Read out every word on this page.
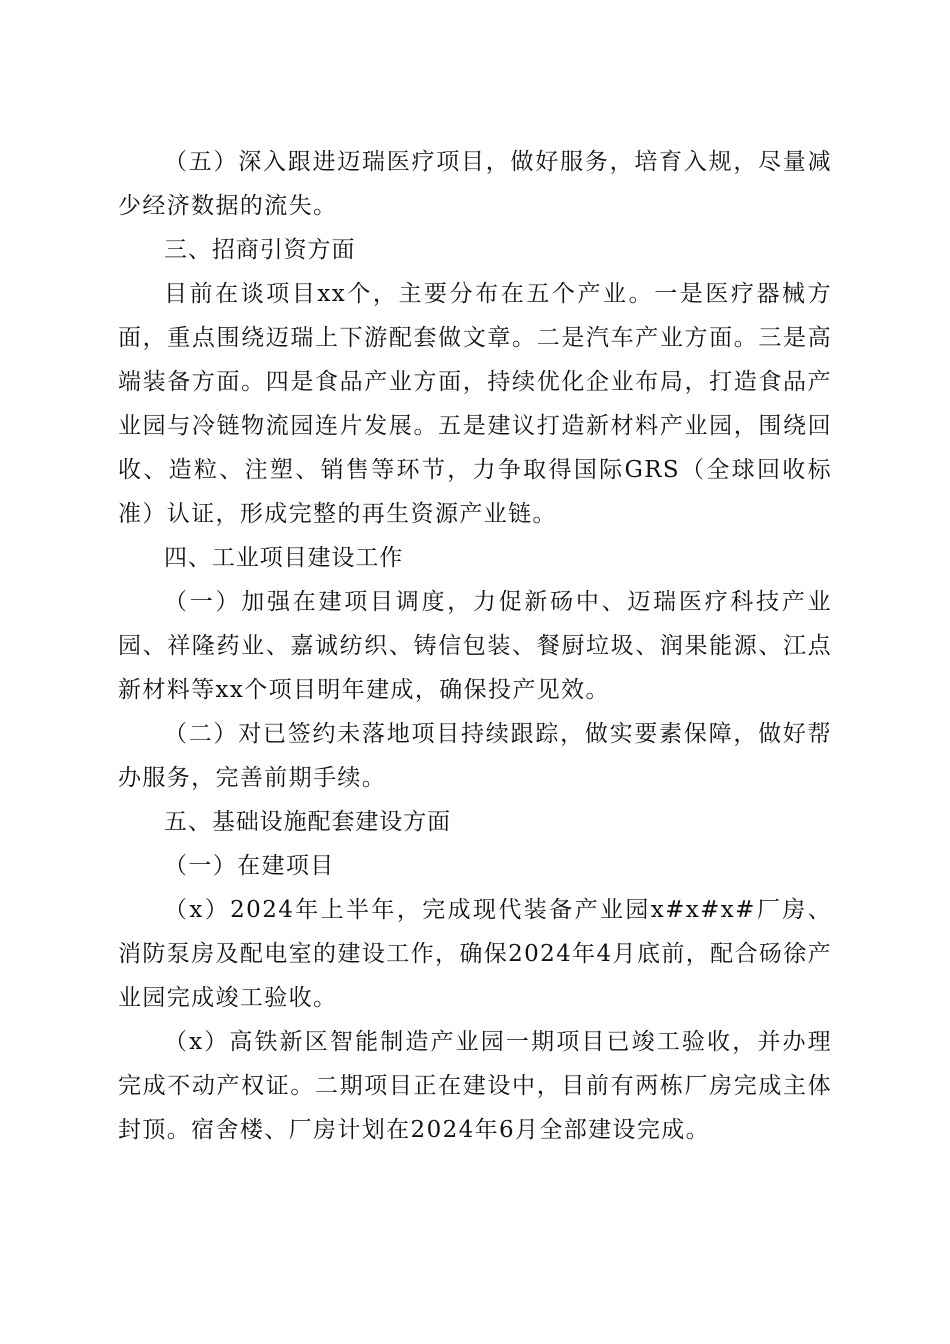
（五）深入跟进迈瑞医疗项目，做好服务，培育入规，尽量减少经济数据的流失。

三、招商引资方面

目前在谈项目xx个，主要分布在五个产业。一是医疗器械方面，重点围绕迈瑞上下游配套做文章。二是汽车产业方面。三是高端装备方面。四是食品产业方面，持续优化企业布局，打造食品产业园与冷链物流园连片发展。五是建议打造新材料产业园，围绕回收、造粒、注塑、销售等环节，力争取得国际GRS（全球回收标准）认证，形成完整的再生资源产业链。

四、工业项目建设工作

（一）加强在建项目调度，力促新砀中、迈瑞医疗科技产业园、祥隆药业、嘉诚纺织、铸信包装、餐厨垃圾、润果能源、江点新材料等xx个项目明年建成，确保投产见效。

（二）对已签约未落地项目持续跟踪，做实要素保障，做好帮办服务，完善前期手续。

五、基础设施配套建设方面

（一）在建项目

（x）2024年上半年，完成现代装备产业园x#x#x#厂房、消防泵房及配电室的建设工作，确保2024年4月底前，配合砀徐产业园完成竣工验收。

（x）高铁新区智能制造产业园一期项目已竣工验收，并办理完成不动产权证。二期项目正在建设中，目前有两栋厂房完成主体封顶。宿舍楼、厂房计划在2024年6月全部建设完成。
